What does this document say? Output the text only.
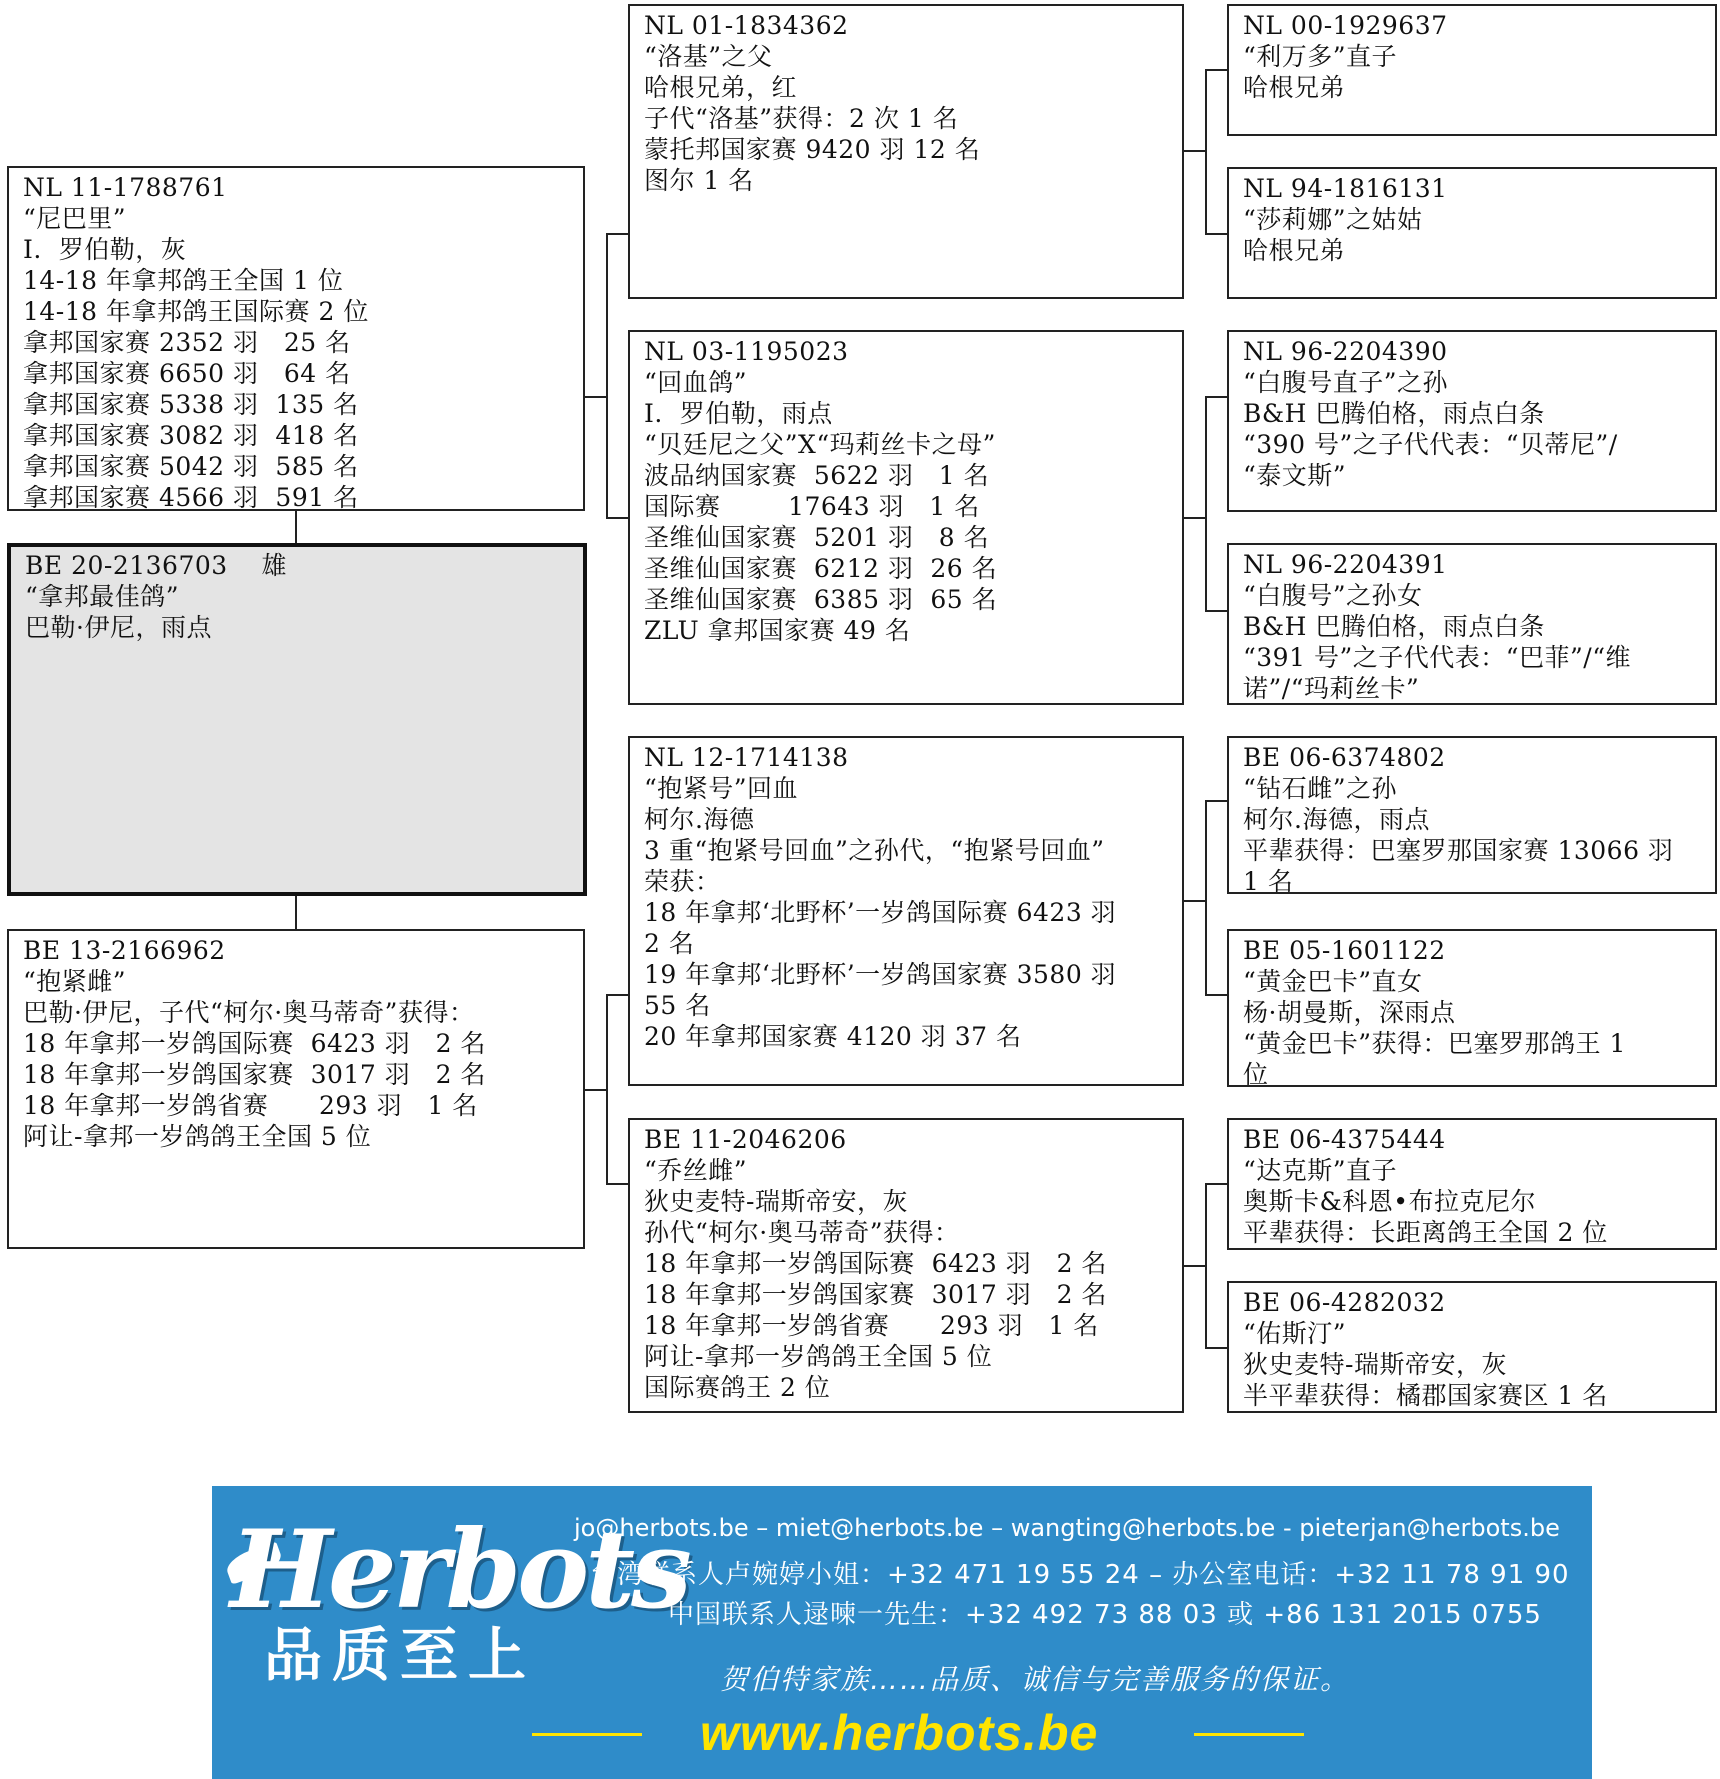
NL 11-1788761
“尼巴里”
I.  罗伯勒，灰
14-18 年拿邦鸽王全国 1 位
14-18 年拿邦鸽王国际赛 2 位
拿邦国家赛 2352 羽   25 名
拿邦国家赛 6650 羽   64 名
拿邦国家赛 5338 羽  135 名
拿邦国家赛 3082 羽  418 名
拿邦国家赛 5042 羽  585 名
拿邦国家赛 4566 羽  591 名
BE 20-2136703    雄
“拿邦最佳鸽”
巴勒·伊尼，雨点
BE 13-2166962
“抱紧雌”
巴勒·伊尼，子代“柯尔·奥马蒂奇”获得：
18 年拿邦一岁鸽国际赛  6423 羽   2 名
18 年拿邦一岁鸽国家赛  3017 羽   2 名
18 年拿邦一岁鸽省赛      293 羽   1 名
阿让-拿邦一岁鸽鸽王全国 5 位
NL 01-1834362
“洛基”之父
哈根兄弟，红
子代“洛基”获得：2 次 1 名
蒙托邦国家赛 9420 羽 12 名
图尔 1 名
NL 03-1195023
“回血鸽”
I.  罗伯勒，雨点
“贝廷尼之父”X“玛莉丝卡之母”
波品纳国家赛  5622 羽   1 名
国际赛        17643 羽   1 名
圣维仙国家赛  5201 羽   8 名
圣维仙国家赛  6212 羽  26 名
圣维仙国家赛  6385 羽  65 名
ZLU 拿邦国家赛 49 名
NL 12-1714138
“抱紧号”回血
柯尔.海德
3 重“抱紧号回血”之孙代，“抱紧号回血”
荣获：
18 年拿邦‘北野杯’一岁鸽国际赛 6423 羽
2 名
19 年拿邦‘北野杯’一岁鸽国家赛 3580 羽
55 名
20 年拿邦国家赛 4120 羽 37 名
BE 11-2046206
“乔丝雌”
狄史麦特-瑞斯帝安，灰
孙代“柯尔·奥马蒂奇”获得：
18 年拿邦一岁鸽国际赛  6423 羽   2 名
18 年拿邦一岁鸽国家赛  3017 羽   2 名
18 年拿邦一岁鸽省赛      293 羽   1 名
阿让-拿邦一岁鸽鸽王全国 5 位
国际赛鸽王 2 位
NL 00-1929637
“利万多”直子
哈根兄弟
NL 94-1816131
“莎莉娜”之姑姑
哈根兄弟
NL 96-2204390
“白腹号直子”之孙
B&H 巴腾伯格，雨点白条
“390 号”之子代代表：“贝蒂尼”/
“泰文斯”
NL 96-2204391
“白腹号”之孙女
B&H 巴腾伯格，雨点白条
“391 号”之子代代表：“巴菲”/“维
诺”/“玛莉丝卡”
BE 06-6374802
“钻石雌”之孙
柯尔.海德，雨点
平辈获得：巴塞罗那国家赛 13066 羽
1 名
BE 05-1601122
“黄金巴卡”直女
杨·胡曼斯，深雨点
“黄金巴卡”获得：巴塞罗那鸽王 1
位
BE 06-4375444
“达克斯”直子
奥斯卡&科恩•布拉克尼尔
平辈获得：长距离鸽王全国 2 位
BE 06-4282032
“佑斯汀”
狄史麦特-瑞斯帝安，灰
半平辈获得：橘郡国家赛区 1 名
Herbots
品质至上
jo@herbots.be – miet@herbots.be – wangting@herbots.be - pieterjan@herbots.be
台湾联系人卢婉婷小姐：+32 471 19 55 24 – 办公室电话：+32 11 78 91 90
中国联系人逯暕一先生：+32 492 73 88 03 或 +86 131 2015 0755
贺伯特家族……品质、诚信与完善服务的保证。
www.herbots.be
